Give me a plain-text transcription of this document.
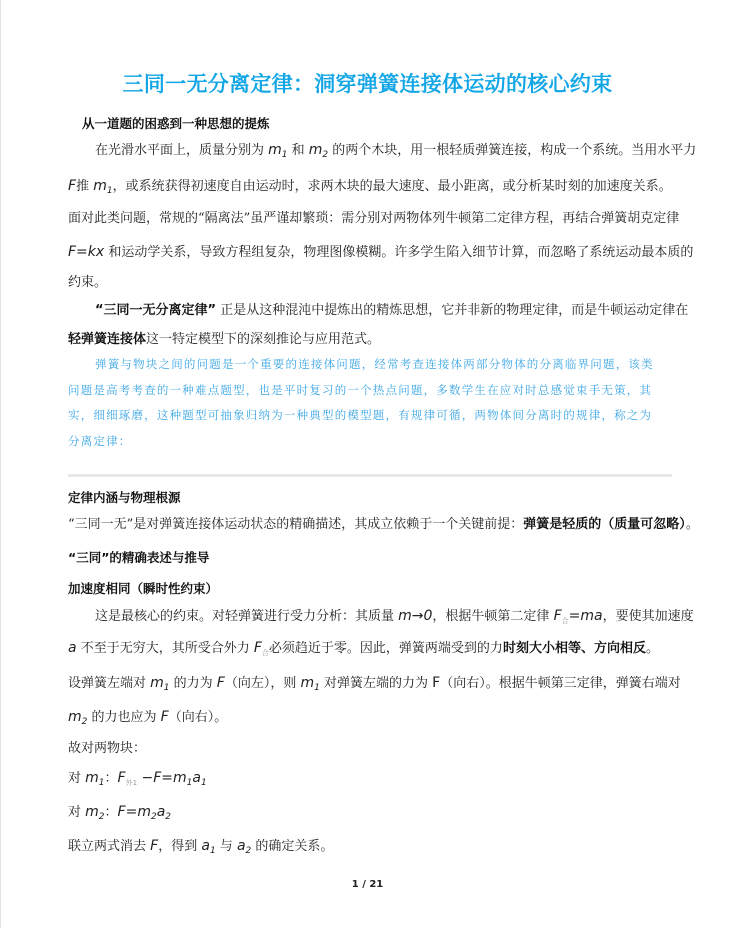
三同一无分离定律：洞穿弹簧连接体运动的核心约束
从一道题的困惑到一种思想的提炼
在光滑水平面上，质量分别为 $m_1$ 和 $m_2$ 的两个木块，用一根轻质弹簧连接，构成一个系统。当用水平力
F推 $m_1$，或系统获得初速度自由运动时，求两木块的最大速度、最小距离，或分析某时刻的加速度关系。
面对此类问题，常规的“隔离法”虽严谨却繁琐：需分别对两物体列牛顿第二定律方程，再结合弹簧胡克定律
F=kx 和运动学关系，导致方程组复杂，物理图像模糊。许多学生陷入细节计算，而忽略了系统运动最本质的
约束。
“三同一无分离定律” 正是从这种混沌中提炼出的精炼思想，它并非新的物理定律，而是牛顿运动定律在
轻弹簧连接体这一特定模型下的深刻推论与应用范式。
弹簧与物块之间的问题是一个重要的连接体问题，经常考查连接体两部分物体的分离临界问题，该类
问题是高考考查的一种难点题型，也是平时复习的一个热点问题，多数学生在应对时总感觉束手无策，其
实，细细琢磨，这种题型可抽象归纳为一种典型的模型题，有规律可循，两物体间分离时的规律，称之为
分离定律：
定律内涵与物理根源
“三同一无”是对弹簧连接体运动状态的精确描述，其成立依赖于一个关键前提：弹簧是轻质的（质量可忽略）。
“三同”的精确表述与推导
加速度相同（瞬时性约束）
这是最核心的约束。对轻弹簧进行受力分析：其质量 m→0，根据牛顿第二定律 $F_合=ma$，要使其加速度
a 不至于无穷大，其所受合外力 $F_合$必须趋近于零。因此，弹簧两端受到的力时刻大小相等、方向相反。
设弹簧左端对 $m_1$ 的力为 F（向左），则 $m_1$ 对弹簧左端的力为 F（向右）。根据牛顿第三定律，弹簧右端对
$m_2$ 的力也应为 F（向右）。
故对两物块：
对 $m_1$：$F_{外1} -F=m_1a_1$
对 $m_2$：$F=m_2a_2$
联立两式消去 F，得到 $a_1$ 与 $a_2$ 的确定关系。
1 / 21
